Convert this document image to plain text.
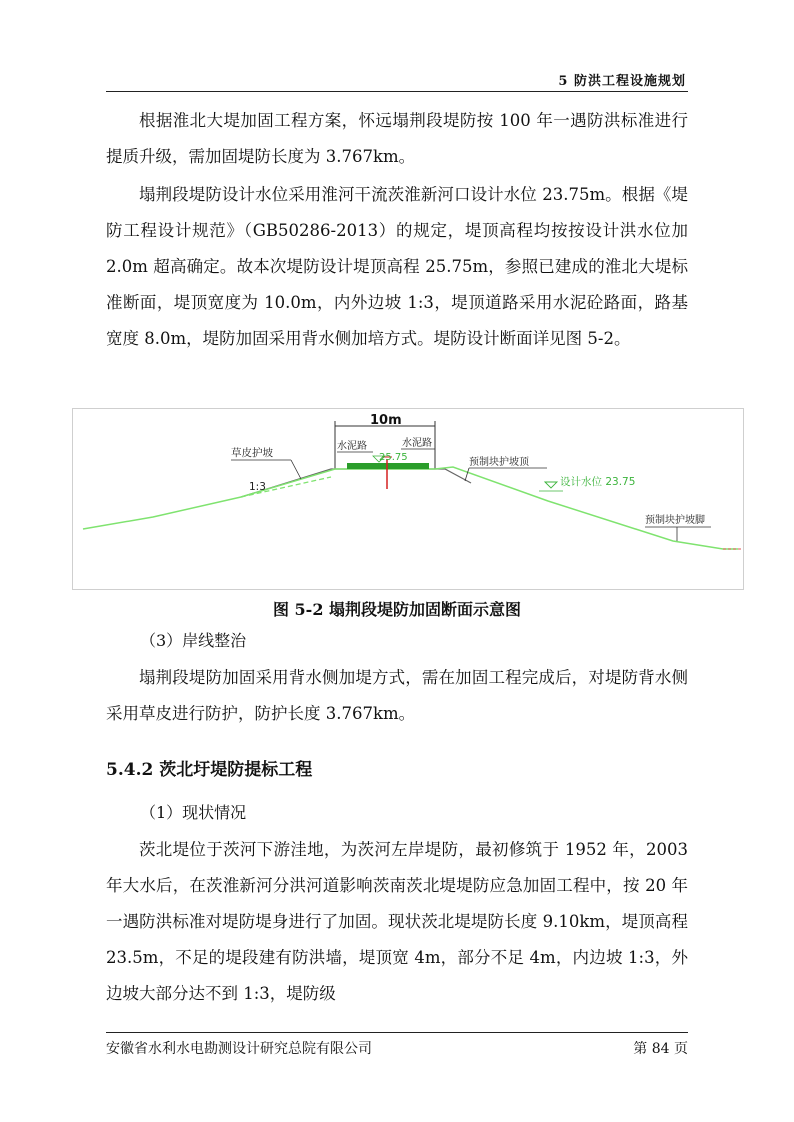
5 防洪工程设施规划

根据淮北大堤加固工程方案，怀远塌荆段堤防按 100 年一遇防洪标准进行提质升级，需加固堤防长度为 3.767km。

塌荆段堤防设计水位采用淮河干流茨淮新河口设计水位 23.75m。根据《堤防工程设计规范》（GB50286-2013）的规定，堤顶高程均按按设计洪水位加 2.0m 超高确定。故本次堤防设计堤顶高程 25.75m，参照已建成的淮北大堤标准断面，堤顶宽度为 10.0m，内外边坡 1:3，堤顶道路采用水泥砼路面，路基宽度 8.0m，堤防加固采用背水侧加培方式。堤防设计断面详见图 5-2。

10m
水泥路	水泥路
25.75
草皮护坡
1:3
预制块护坡顶
设计水位 23.75
预制块护坡脚
图 5-2 塌荆段堤防加固断面示意图
（3）岸线整治

塌荆段堤防加固采用背水侧加堤方式，需在加固工程完成后，对堤防背水侧采用草皮进行防护，防护长度 3.767km。

5.4.2 茨北圩堤防提标工程
（1）现状情况

茨北堤位于茨河下游洼地，为茨河左岸堤防，最初修筑于 1952 年，2003 年大水后，在茨淮新河分洪河道影响茨南茨北堤堤防应急加固工程中，按 20 年一遇防洪标准对堤防堤身进行了加固。现状茨北堤堤防长度 9.10km，堤顶高程 23.5m，不足的堤段建有防洪墙，堤顶宽 4m，部分不足 4m，内边坡 1:3，外边坡大部分达不到 1:3，堤防级

安徽省水利水电勘测设计研究总院有限公司	第 84 页
